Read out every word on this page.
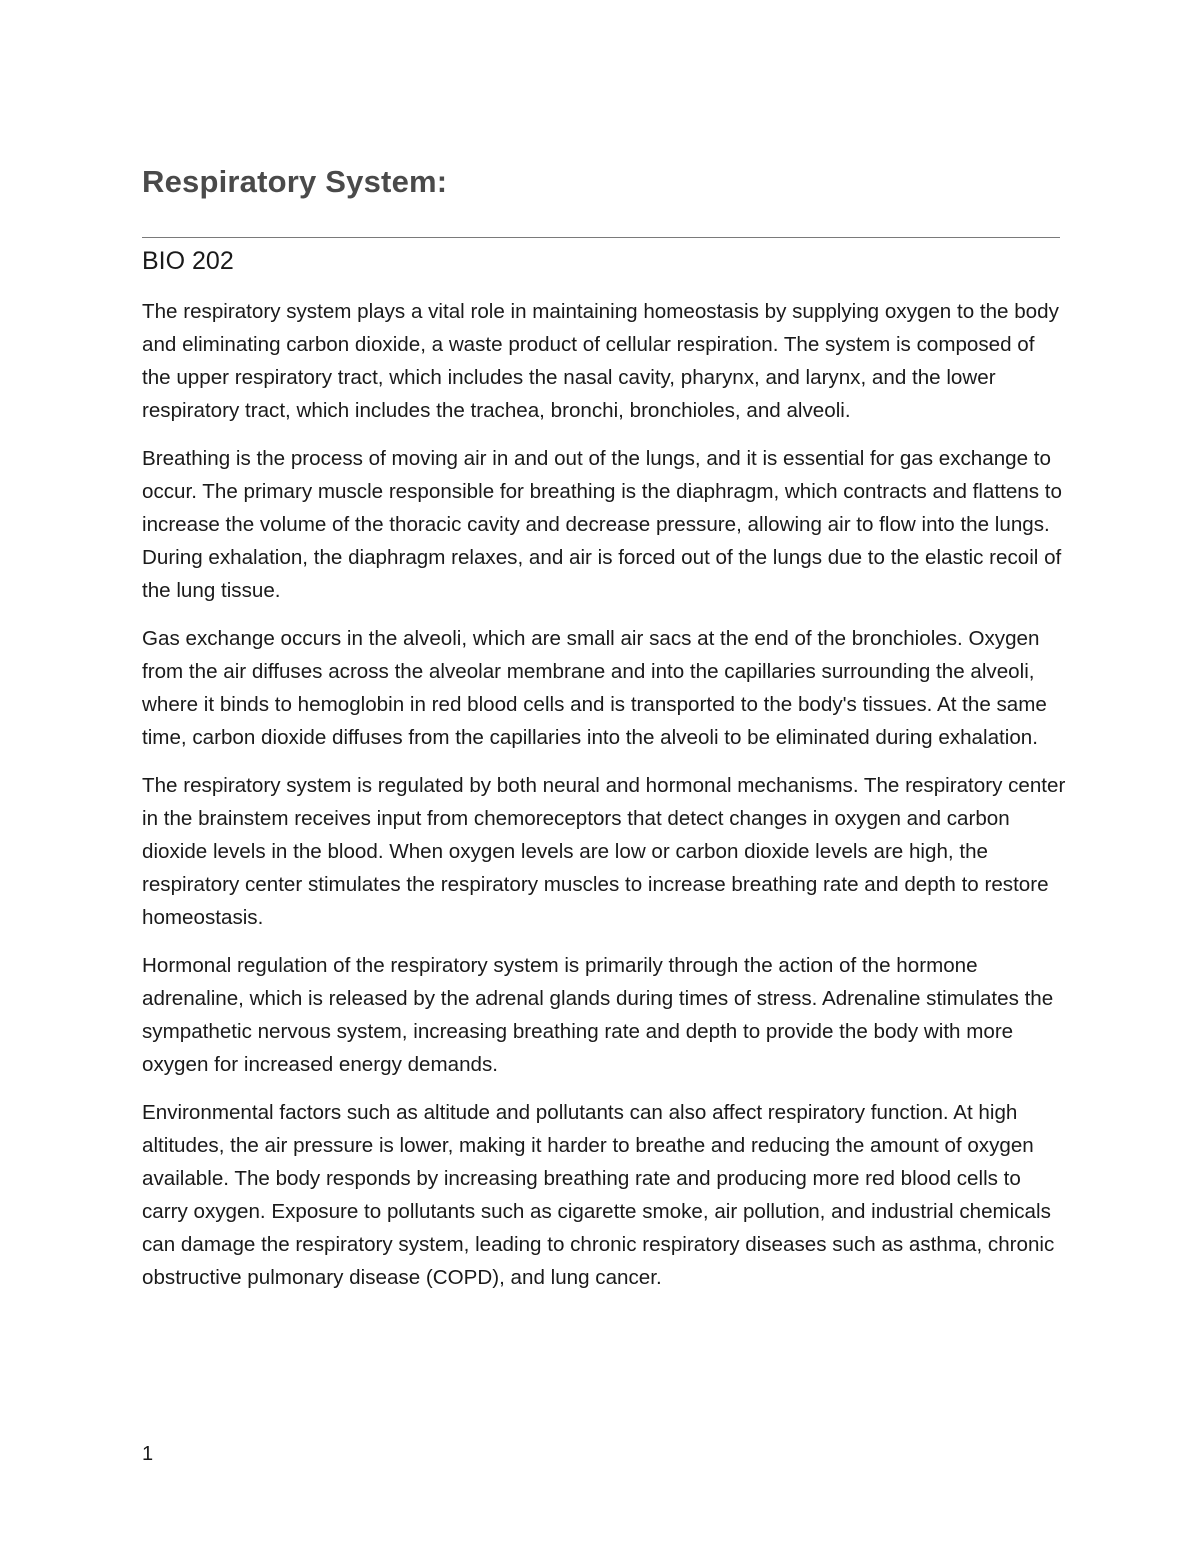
Respiratory System:
BIO 202

The respiratory system plays a vital role in maintaining homeostasis by supplying oxygen to the body and eliminating carbon dioxide, a waste product of cellular respiration. The system is composed of the upper respiratory tract, which includes the nasal cavity, pharynx, and larynx, and the lower respiratory tract, which includes the trachea, bronchi, bronchioles, and alveoli.

Breathing is the process of moving air in and out of the lungs, and it is essential for gas exchange to occur. The primary muscle responsible for breathing is the diaphragm, which contracts and flattens to increase the volume of the thoracic cavity and decrease pressure, allowing air to flow into the lungs. During exhalation, the diaphragm relaxes, and air is forced out of the lungs due to the elastic recoil of the lung tissue.

Gas exchange occurs in the alveoli, which are small air sacs at the end of the bronchioles. Oxygen from the air diffuses across the alveolar membrane and into the capillaries surrounding the alveoli, where it binds to hemoglobin in red blood cells and is transported to the body's tissues. At the same time, carbon dioxide diffuses from the capillaries into the alveoli to be eliminated during exhalation.

The respiratory system is regulated by both neural and hormonal mechanisms. The respiratory center in the brainstem receives input from chemoreceptors that detect changes in oxygen and carbon dioxide levels in the blood. When oxygen levels are low or carbon dioxide levels are high, the respiratory center stimulates the respiratory muscles to increase breathing rate and depth to restore homeostasis.

Hormonal regulation of the respiratory system is primarily through the action of the hormone adrenaline, which is released by the adrenal glands during times of stress. Adrenaline stimulates the sympathetic nervous system, increasing breathing rate and depth to provide the body with more oxygen for increased energy demands.

Environmental factors such as altitude and pollutants can also affect respiratory function. At high altitudes, the air pressure is lower, making it harder to breathe and reducing the amount of oxygen available. The body responds by increasing breathing rate and producing more red blood cells to carry oxygen. Exposure to pollutants such as cigarette smoke, air pollution, and industrial chemicals can damage the respiratory system, leading to chronic respiratory diseases such as asthma, chronic obstructive pulmonary disease (COPD), and lung cancer.

1
